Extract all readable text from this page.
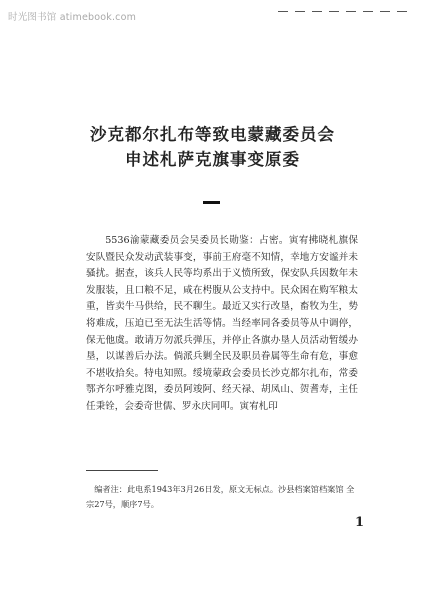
时光图书馆 atimebook.com
沙克都尔扎布等致电蒙藏委员会
申述札萨克旗事变原委
5536渝蒙藏委员会吴委员长勋鉴：占密。寅宥拂晓札旗保安队暨民众发动武装事变，事前王府毫不知情，幸地方安谧并未骚扰。据查，该兵人民等均系出于义愤所致，保安队兵因数年未发服装，且口粮不足，咸在枵腹从公支持中。民众困在购军粮太重，皆卖牛马供给，民不聊生。最近又实行改垦，畜牧为生，势将难成，压迫已至无法生活等情。当经率同各委员等从中调停，保无他虞。敢请万勿派兵弹压，并停止各旗办垦人员活动暂缓办垦，以谋善后办法。倘派兵剿全民及职员眷属等生命有危，事愈不堪收拾矣。特电知照。绥境蒙政会委员长沙克都尔扎布，常委鄂齐尔呼雅克图，委员阿竣阿、经天禄、胡凤山、贺耆寿，主任任秉铨，会委奇世儒、罗永庆同叩。寅宥札印
编者注：此电系1943年3月26日发，原文无标点。沙县档案馆档案馆 全宗27号，顺序7号。
1
